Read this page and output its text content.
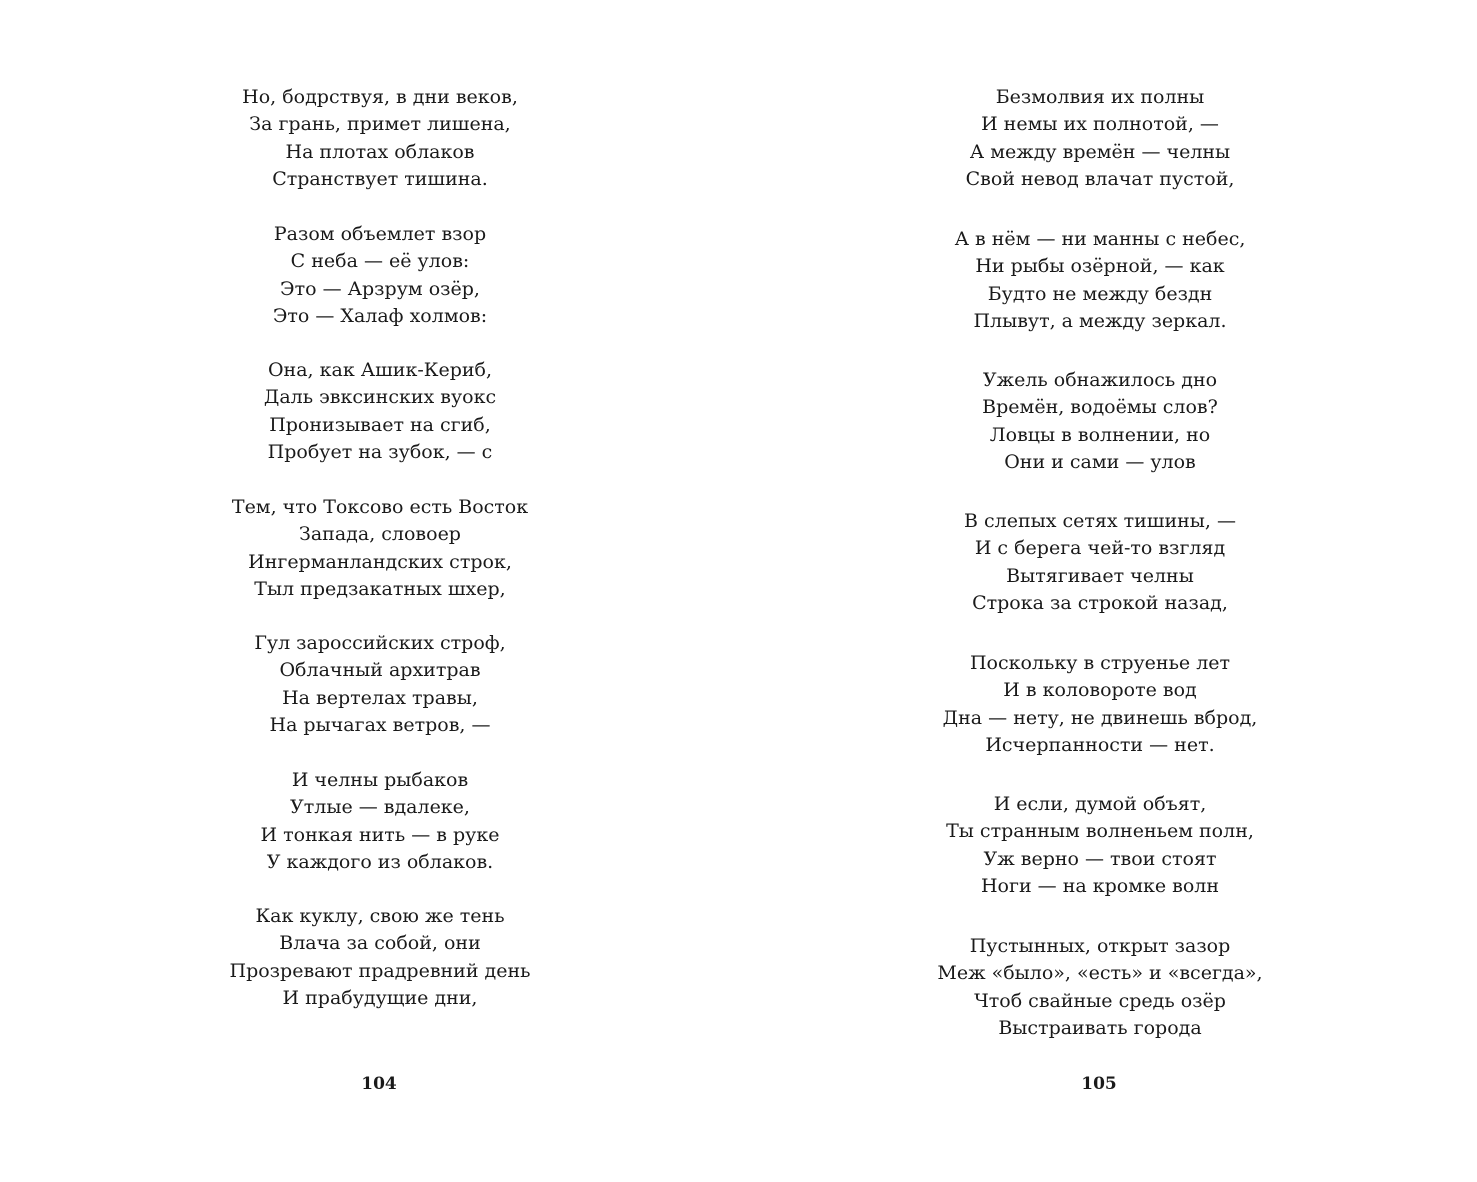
Но, бодрствуя, в дни веков,
За грань, примет лишена,
На плотах облаков
Странствует тишина.
Разом объемлет взор
С неба — её улов:
Это — Арзрум озёр,
Это — Халаф холмов:
Она, как Ашик-Кериб,
Даль эвксинских вуокс
Пронизывает на сгиб,
Пробует на зубок, — с
Тем, что Токсово есть Восток
Запада, словоер
Ингерманландских строк,
Тыл предзакатных шхер,
Гул зароссийских строф,
Облачный архитрав
На вертелах травы,
На рычагах ветров, —
И челны рыбаков
Утлые — вдалеке,
И тонкая нить — в руке
У каждого из облаков.
Как куклу, свою же тень
Влача за собой, они
Прозревают прадревний день
И прабудущие дни,
104
Безмолвия их полны
И немы их полнотой, —
А между времён — челны
Свой невод влачат пустой,
А в нём — ни манны с небес,
Ни рыбы озёрной, — как
Будто не между бездн
Плывут, а между зеркал.
Ужель обнажилось дно
Времён, водоёмы слов?
Ловцы в волнении, но
Они и сами — улов
В слепых сетях тишины, —
И с берега чей-то взгляд
Вытягивает челны
Строка за строкой назад,
Поскольку в струенье лет
И в коловороте вод
Дна — нету, не двинешь вброд,
Исчерпанности — нет.
И если, думой объят,
Ты странным волненьем полн,
Уж верно — твои стоят
Ноги — на кромке волн
Пустынных, открыт зазор
Меж «было», «есть» и «всегда»,
Чтоб свайные средь озёр
Выстраивать города
105
